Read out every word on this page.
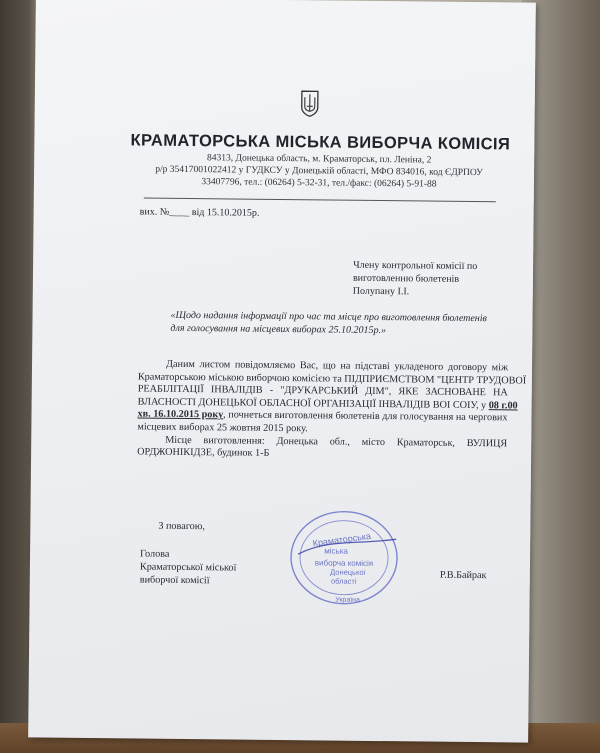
КРАМАТОРСЬКА МІСЬКА ВИБОРЧА КОМІСІЯ
84313, Донецька область, м. Краматорськ, пл. Леніна, 2
р/р 35417001022412 у ГУДКСУ у Донецькій області, МФО 834016, код ЄДРПОУ
33407796, тел.: (06264) 5-32-31, тел./факс: (06264) 5-91-88
вих. №____ від 15.10.2015р.
Члену контрольної комісії по
виготовленню бюлетенів
Полупану І.І.
«Щодо надання інформації про час та місце про виготовлення бюлетенів
для голосування на місцевих виборах 25.10.2015р.»
Даним листом повідомляємо Вас, що на підставі укладеного договору між
Краматорською міською виборчою комісією та ПІДПРИЄМСТВОМ "ЦЕНТР ТРУДОВОЇ
РЕАБІЛІТАЦІЇ ІНВАЛІДІВ - "ДРУКАРСЬКИЙ ДІМ", ЯКЕ ЗАСНОВАНЕ НА
ВЛАСНОСТІ ДОНЕЦЬКОЇ ОБЛАСНОЇ ОРГАНІЗАЦІЇ ІНВАЛІДІВ ВОІ СОІУ, у 08 г.00
хв. 16.10.2015 року, почнеться виготовлення бюлетенів для голосування на чергових
місцевих виборах 25 жовтня 2015 року.
Місце виготовлення: Донецька обл., місто Краматорськ, ВУЛИЦЯ
ОРДЖОНІКІДЗЕ, будинок 1-Б
З повагою,
Голова
Краматорської міської
виборчої комісії	Р.В.Байрак
Краматорська
міська
виборча комісія
Донецької
області
Україна
